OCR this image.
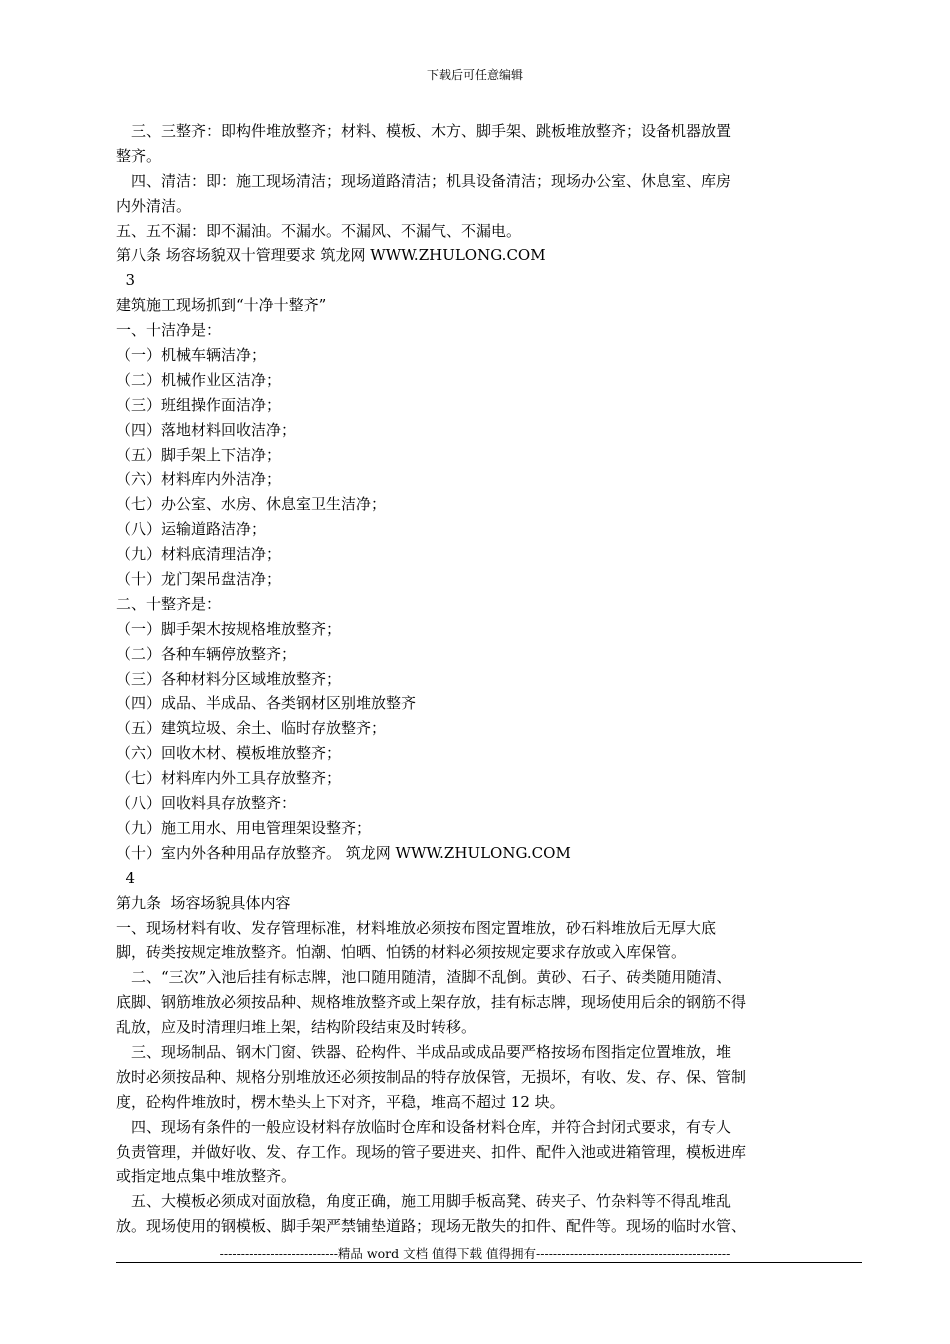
下载后可任意编辑
　三、三整齐：即构件堆放整齐；材料、模板、木方、脚手架、跳板堆放整齐；设备机器放置
整齐。
　四、清洁：即：施工现场清洁；现场道路清洁；机具设备清洁；现场办公室、休息室、库房
内外清洁。
五、五不漏：即不漏油。不漏水。不漏风、不漏气、不漏电。
第八条 场容场貌双十管理要求 筑龙网 WWW.ZHULONG.COM
3
建筑施工现场抓到“十净十整齐”
一、十洁净是：
（一）机械车辆洁净；
（二）机械作业区洁净；
（三）班组操作面洁净；
（四）落地材料回收洁净；
（五）脚手架上下洁净；
（六）材料库内外洁净；
（七）办公室、水房、休息室卫生洁净；
（八）运输道路洁净；
（九）材料底清理洁净；
（十）龙门架吊盘洁净；
二、十整齐是：
（一）脚手架木按规格堆放整齐；
（二）各种车辆停放整齐；
（三）各种材料分区域堆放整齐；
（四）成品、半成品、各类钢材区别堆放整齐
（五）建筑垃圾、余土、临时存放整齐；
（六）回收木材、模板堆放整齐；
（七）材料库内外工具存放整齐；
（八）回收料具存放整齐：
（九）施工用水、用电管理架设整齐；
（十）室内外各种用品存放整齐。 筑龙网 WWW.ZHULONG.COM
4
第九条  场容场貌具体内容
一、现场材料有收、发存管理标准，材料堆放必须按布图定置堆放，砂石料堆放后无厚大底
脚，砖类按规定堆放整齐。怕潮、怕晒、怕锈的材料必须按规定要求存放或入库保管。
　二、“三次”入池后挂有标志牌，池口随用随清，渣脚不乱倒。黄砂、石子、砖类随用随清、
底脚、钢筋堆放必须按品种、规格堆放整齐或上架存放，挂有标志牌，现场使用后余的钢筋不得
乱放，应及时清理归堆上架，结构阶段结束及时转移。
　三、现场制品、钢木门窗、铁器、砼构件、半成品或成品要严格按场布图指定位置堆放，堆
放时必须按品种、规格分别堆放还必须按制品的特存放保管，无损坏，有收、发、存、保、管制
度，砼构件堆放时，楞木垫头上下对齐，平稳，堆高不超过 12 块。
　四、现场有条件的一般应设材料存放临时仓库和设备材料仓库，并符合封闭式要求，有专人
负责管理，并做好收、发、存工作。现场的管子要进夹、扣件、配件入池或进箱管理，模板进库
或指定地点集中堆放整齐。
　五、大模板必须成对面放稳，角度正确，施工用脚手板高凳、砖夹子、竹杂料等不得乱堆乱
放。现场使用的钢模板、脚手架严禁铺垫道路；现场无散失的扣件、配件等。现场的临时水管、
----------------------------精品 word 文档 值得下载 值得拥有----------------------------------------------
